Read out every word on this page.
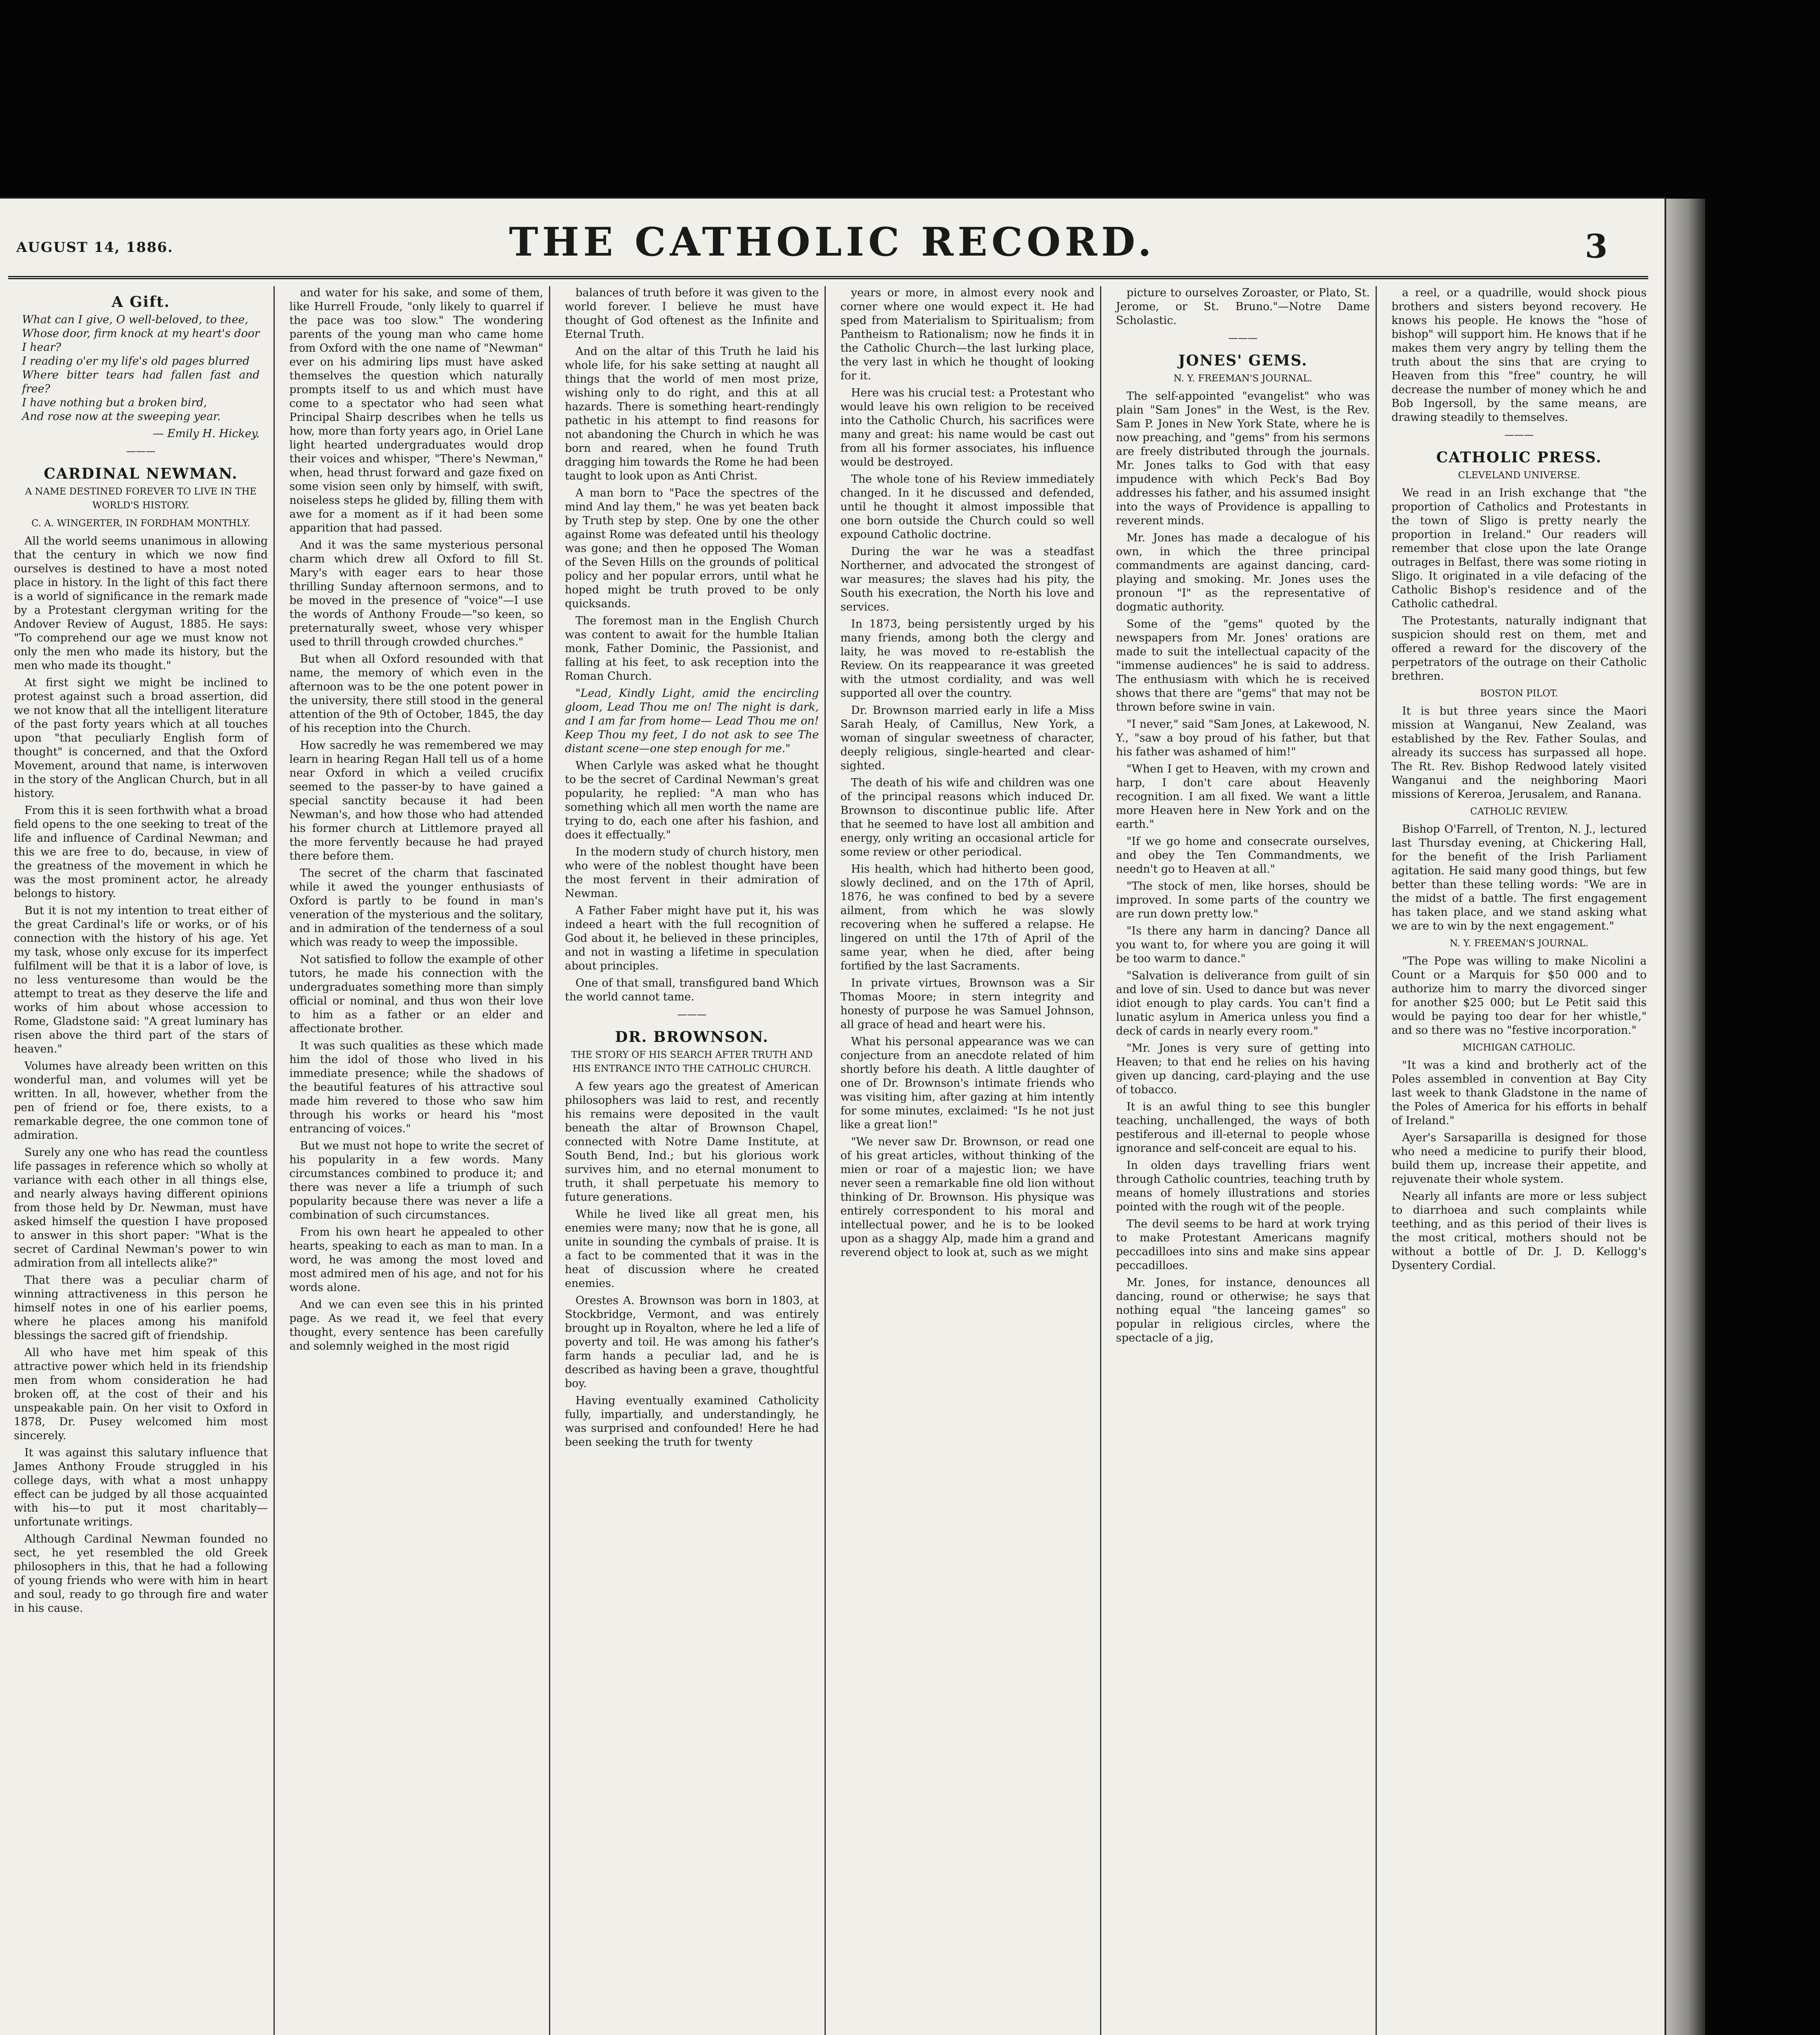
AUGUST 14, 1886.	THE CATHOLIC RECORD.	3
A Gift.
What can I give, O well-beloved, to thee,
Whose door, firm knock at my heart's door I hear?
I reading o'er my life's old pages blurred
Where bitter tears had fallen fast and free?
I have nothing but a broken bird,
And rose now at the sweeping year.
— Emily H. Hickey.
———
CARDINAL NEWMAN.
A NAME DESTINED FOREVER TO LIVE IN THE WORLD'S HISTORY.
C. A. WINGERTER, IN FORDHAM MONTHLY.

All the world seems unanimous in allowing that the century in which we now find ourselves is destined to have a most noted place in history. In the light of this fact there is a world of significance in the remark made by a Protestant clergyman writing for the Andover Review of August, 1885. He says: "To comprehend our age we must know not only the men who made its history, but the men who made its thought."

At first sight we might be inclined to protest against such a broad assertion, did we not know that all the intelligent literature of the past forty years which at all touches upon "that peculiarly English form of thought" is concerned, and that the Oxford Movement, around that name, is interwoven in the story of the Anglican Church, but in all history.

From this it is seen forthwith what a broad field opens to the one seeking to treat of the life and influence of Cardinal Newman; and this we are free to do, because, in view of the greatness of the movement in which he was the most prominent actor, he already belongs to history.

But it is not my intention to treat either of the great Cardinal's life or works, or of his connection with the history of his age. Yet my task, whose only excuse for its imperfect fulfilment will be that it is a labor of love, is no less venturesome than would be the attempt to treat as they deserve the life and works of him about whose accession to Rome, Gladstone said: "A great luminary has risen above the third part of the stars of heaven."

Volumes have already been written on this wonderful man, and volumes will yet be written. In all, however, whether from the pen of friend or foe, there exists, to a remarkable degree, the one common tone of admiration.

Surely any one who has read the countless life passages in reference which so wholly at variance with each other in all things else, and nearly always having different opinions from those held by Dr. Newman, must have asked himself the question I have proposed to answer in this short paper: "What is the secret of Cardinal Newman's power to win admiration from all intellects alike?"

That there was a peculiar charm of winning attractiveness in this person he himself notes in one of his earlier poems, where he places among his manifold blessings the sacred gift of friendship.

All who have met him speak of this attractive power which held in its friendship men from whom consideration he had broken off, at the cost of their and his unspeakable pain. On her visit to Oxford in 1878, Dr. Pusey welcomed him most sincerely.

It was against this salutary influence that James Anthony Froude struggled in his college days, with what a most unhappy effect can be judged by all those acquainted with his—to put it most charitably—unfortunate writings.

Although Cardinal Newman founded no sect, he yet resembled the old Greek philosophers in this, that he had a following of young friends who were with him in heart and soul, ready to go through fire and water in his cause.

and water for his sake, and some of them, like Hurrell Froude, "only likely to quarrel if the pace was too slow." The wondering parents of the young man who came home from Oxford with the one name of "Newman" ever on his admiring lips must have asked themselves the question which naturally prompts itself to us and which must have come to a spectator who had seen what Principal Shairp describes when he tells us how, more than forty years ago, in Oriel Lane light hearted undergraduates would drop their voices and whisper, "There's Newman," when, head thrust forward and gaze fixed on some vision seen only by himself, with swift, noiseless steps he glided by, filling them with awe for a moment as if it had been some apparition that had passed.

And it was the same mysterious personal charm which drew all Oxford to fill St. Mary's with eager ears to hear those thrilling Sunday afternoon sermons, and to be moved in the presence of "voice"—I use the words of Anthony Froude—"so keen, so preternaturally sweet, whose very whisper used to thrill through crowded churches."

But when all Oxford resounded with that name, the memory of which even in the afternoon was to be the one potent power in the university, there still stood in the general attention of the 9th of October, 1845, the day of his reception into the Church.

How sacredly he was remembered we may learn in hearing Regan Hall tell us of a home near Oxford in which a veiled crucifix seemed to the passer-by to have gained a special sanctity because it had been Newman's, and how those who had attended his former church at Littlemore prayed all the more fervently because he had prayed there before them.

The secret of the charm that fascinated while it awed the younger enthusiasts of Oxford is partly to be found in man's veneration of the mysterious and the solitary, and in admiration of the tenderness of a soul which was ready to weep the impossible.

Not satisfied to follow the example of other tutors, he made his connection with the undergraduates something more than simply official or nominal, and thus won their love to him as a father or an elder and affectionate brother.

It was such qualities as these which made him the idol of those who lived in his immediate presence; while the shadows of the beautiful features of his attractive soul made him revered to those who saw him through his works or heard his "most entrancing of voices."

But we must not hope to write the secret of his popularity in a few words. Many circumstances combined to produce it; and there was never a life a triumph of such popularity because there was never a life a combination of such circumstances.

From his own heart he appealed to other hearts, speaking to each as man to man. In a word, he was among the most loved and most admired men of his age, and not for his words alone.

And we can even see this in his printed page. As we read it, we feel that every thought, every sentence has been carefully and solemnly weighed in the most rigid

balances of truth before it was given to the world forever. I believe he must have thought of God oftenest as the Infinite and Eternal Truth.

And on the altar of this Truth he laid his whole life, for his sake setting at naught all things that the world of men most prize, wishing only to do right, and this at all hazards. There is something heart-rendingly pathetic in his attempt to find reasons for not abandoning the Church in which he was born and reared, when he found Truth dragging him towards the Rome he had been taught to look upon as Anti Christ.

A man born to "Pace the spectres of the mind And lay them," he was yet beaten back by Truth step by step. One by one the other against Rome was defeated until his theology was gone; and then he opposed The Woman of the Seven Hills on the grounds of political policy and her popular errors, until what he hoped might be truth proved to be only quicksands.

The foremost man in the English Church was content to await for the humble Italian monk, Father Dominic, the Passionist, and falling at his feet, to ask reception into the Roman Church.

"Lead, Kindly Light, amid the encircling gloom, Lead Thou me on! The night is dark, and I am far from home— Lead Thou me on! Keep Thou my feet, I do not ask to see The distant scene—one step enough for me."

When Carlyle was asked what he thought to be the secret of Cardinal Newman's great popularity, he replied: "A man who has something which all men worth the name are trying to do, each one after his fashion, and does it effectually."

In the modern study of church history, men who were of the noblest thought have been the most fervent in their admiration of Newman.

A Father Faber might have put it, his was indeed a heart with the full recognition of God about it, he believed in these principles, and not in wasting a lifetime in speculation about principles.

One of that small, transfigured band Which the world cannot tame.

———
DR. BROWNSON.
THE STORY OF HIS SEARCH AFTER TRUTH AND HIS ENTRANCE INTO THE CATHOLIC CHURCH.

A few years ago the greatest of American philosophers was laid to rest, and recently his remains were deposited in the vault beneath the altar of Brownson Chapel, connected with Notre Dame Institute, at South Bend, Ind.; but his glorious work survives him, and no eternal monument to truth, it shall perpetuate his memory to future generations.

While he lived like all great men, his enemies were many; now that he is gone, all unite in sounding the cymbals of praise. It is a fact to be commented that it was in the heat of discussion where he created enemies.

Orestes A. Brownson was born in 1803, at Stockbridge, Vermont, and was entirely brought up in Royalton, where he led a life of poverty and toil. He was among his father's farm hands a peculiar lad, and he is described as having been a grave, thoughtful boy.

Having eventually examined Catholicity fully, impartially, and understandingly, he was surprised and confounded! Here he had been seeking the truth for twenty

years or more, in almost every nook and corner where one would expect it. He had sped from Materialism to Spiritualism; from Pantheism to Rationalism; now he finds it in the Catholic Church—the last lurking place, the very last in which he thought of looking for it.

Here was his crucial test: a Protestant who would leave his own religion to be received into the Catholic Church, his sacrifices were many and great: his name would be cast out from all his former associates, his influence would be destroyed.

The whole tone of his Review immediately changed. In it he discussed and defended, until he thought it almost impossible that one born outside the Church could so well expound Catholic doctrine.

During the war he was a steadfast Northerner, and advocated the strongest of war measures; the slaves had his pity, the South his execration, the North his love and services.

In 1873, being persistently urged by his many friends, among both the clergy and laity, he was moved to re-establish the Review. On its reappearance it was greeted with the utmost cordiality, and was well supported all over the country.

Dr. Brownson married early in life a Miss Sarah Healy, of Camillus, New York, a woman of singular sweetness of character, deeply religious, single-hearted and clear-sighted.

The death of his wife and children was one of the principal reasons which induced Dr. Brownson to discontinue public life. After that he seemed to have lost all ambition and energy, only writing an occasional article for some review or other periodical.

His health, which had hitherto been good, slowly declined, and on the 17th of April, 1876, he was confined to bed by a severe ailment, from which he was slowly recovering when he suffered a relapse. He lingered on until the 17th of April of the same year, when he died, after being fortified by the last Sacraments.

In private virtues, Brownson was a Sir Thomas Moore; in stern integrity and honesty of purpose he was Samuel Johnson, all grace of head and heart were his.

What his personal appearance was we can conjecture from an anecdote related of him shortly before his death. A little daughter of one of Dr. Brownson's intimate friends who was visiting him, after gazing at him intently for some minutes, exclaimed: "Is he not just like a great lion!"

"We never saw Dr. Brownson, or read one of his great articles, without thinking of the mien or roar of a majestic lion; we have never seen a remarkable fine old lion without thinking of Dr. Brownson. His physique was entirely correspondent to his moral and intellectual power, and he is to be looked upon as a shaggy Alp, made him a grand and reverend object to look at, such as we might

picture to ourselves Zoroaster, or Plato, St. Jerome, or St. Bruno."—Notre Dame Scholastic.

———
JONES' GEMS.
N. Y. FREEMAN'S JOURNAL.

The self-appointed "evangelist" who was plain "Sam Jones" in the West, is the Rev. Sam P. Jones in New York State, where he is now preaching, and "gems" from his sermons are freely distributed through the journals. Mr. Jones talks to God with that easy impudence with which Peck's Bad Boy addresses his father, and his assumed insight into the ways of Providence is appalling to reverent minds.

Mr. Jones has made a decalogue of his own, in which the three principal commandments are against dancing, card-playing and smoking. Mr. Jones uses the pronoun "I" as the representative of dogmatic authority.

Some of the "gems" quoted by the newspapers from Mr. Jones' orations are made to suit the intellectual capacity of the "immense audiences" he is said to address. The enthusiasm with which he is received shows that there are "gems" that may not be thrown before swine in vain.

"I never," said "Sam Jones, at Lakewood, N. Y., "saw a boy proud of his father, but that his father was ashamed of him!"

"When I get to Heaven, with my crown and harp, I don't care about Heavenly recognition. I am all fixed. We want a little more Heaven here in New York and on the earth."

"If we go home and consecrate ourselves, and obey the Ten Commandments, we needn't go to Heaven at all."

"The stock of men, like horses, should be improved. In some parts of the country we are run down pretty low."

"Is there any harm in dancing? Dance all you want to, for where you are going it will be too warm to dance."

"Salvation is deliverance from guilt of sin and love of sin. Used to dance but was never idiot enough to play cards. You can't find a lunatic asylum in America unless you find a deck of cards in nearly every room."

"Mr. Jones is very sure of getting into Heaven; to that end he relies on his having given up dancing, card-playing and the use of tobacco.

It is an awful thing to see this bungler teaching, unchallenged, the ways of both pestiferous and ill-eternal to people whose ignorance and self-conceit are equal to his.

In olden days travelling friars went through Catholic countries, teaching truth by means of homely illustrations and stories pointed with the rough wit of the people.

The devil seems to be hard at work trying to make Protestant Americans magnify peccadilloes into sins and make sins appear peccadilloes.

Mr. Jones, for instance, denounces all dancing, round or otherwise; he says that nothing equal "the lanceing games" so popular in religious circles, where the spectacle of a jig,

a reel, or a quadrille, would shock pious brothers and sisters beyond recovery. He knows his people. He knows the "hose of bishop" will support him. He knows that if he makes them very angry by telling them the truth about the sins that are crying to Heaven from this "free" country, he will decrease the number of money which he and Bob Ingersoll, by the same means, are drawing steadily to themselves.

———
CATHOLIC PRESS.
CLEVELAND UNIVERSE.

We read in an Irish exchange that "the proportion of Catholics and Protestants in the town of Sligo is pretty nearly the proportion in Ireland." Our readers will remember that close upon the late Orange outrages in Belfast, there was some rioting in Sligo. It originated in a vile defacing of the Catholic Bishop's residence and of the Catholic cathedral.

The Protestants, naturally indignant that suspicion should rest on them, met and offered a reward for the discovery of the perpetrators of the outrage on their Catholic brethren.

BOSTON PILOT.

It is but three years since the Maori mission at Wanganui, New Zealand, was established by the Rev. Father Soulas, and already its success has surpassed all hope. The Rt. Rev. Bishop Redwood lately visited Wanganui and the neighboring Maori missions of Kereroa, Jerusalem, and Ranana.

CATHOLIC REVIEW.

Bishop O'Farrell, of Trenton, N. J., lectured last Thursday evening, at Chickering Hall, for the benefit of the Irish Parliament agitation. He said many good things, but few better than these telling words: "We are in the midst of a battle. The first engagement has taken place, and we stand asking what we are to win by the next engagement."

N. Y. FREEMAN'S JOURNAL.

"The Pope was willing to make Nicolini a Count or a Marquis for $50 000 and to authorize him to marry the divorced singer for another $25 000; but Le Petit said this would be paying too dear for her whistle," and so there was no "festive incorporation."

MICHIGAN CATHOLIC.

"It was a kind and brotherly act of the Poles assembled in convention at Bay City last week to thank Gladstone in the name of the Poles of America for his efforts in behalf of Ireland."

Ayer's Sarsaparilla is designed for those who need a medicine to purify their blood, build them up, increase their appetite, and rejuvenate their whole system.

Nearly all infants are more or less subject to diarrhoea and such complaints while teething, and as this period of their lives is the most critical, mothers should not be without a bottle of Dr. J. D. Kellogg's Dysentery Cordial.
